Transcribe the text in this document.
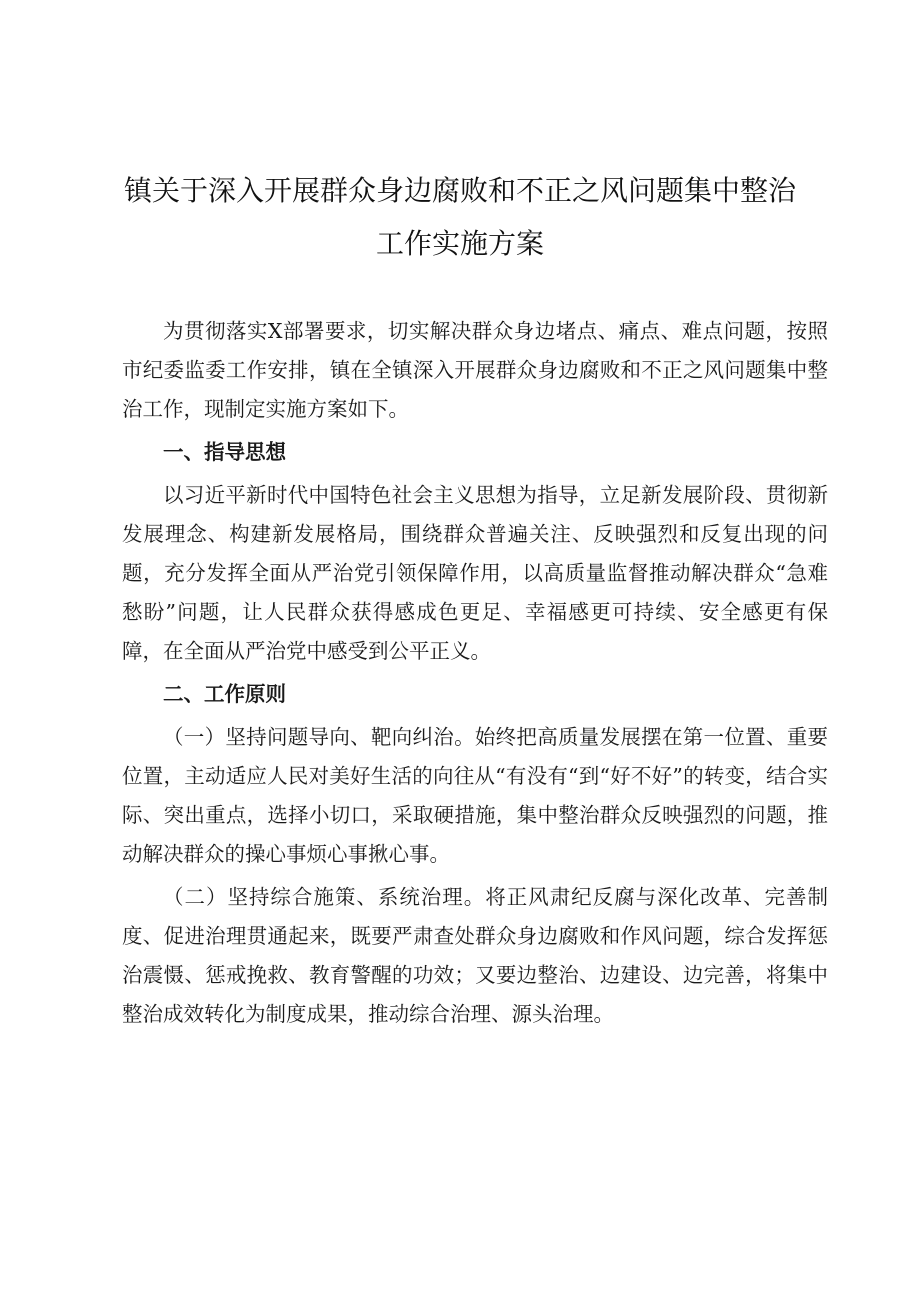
镇关于深入开展群众身边腐败和不正之风问题集中整治
工作实施方案

为贯彻落实X部署要求，切实解决群众身边堵点、痛点、难点问题，按照市纪委监委工作安排，镇在全镇深入开展群众身边腐败和不正之风问题集中整治工作，现制定实施方案如下。

一、指导思想

以习近平新时代中国特色社会主义思想为指导，立足新发展阶段、贯彻新发展理念、构建新发展格局，围绕群众普遍关注、反映强烈和反复出现的问题，充分发挥全面从严治党引领保障作用，以高质量监督推动解决群众“急难愁盼”问题，让人民群众获得感成色更足、幸福感更可持续、安全感更有保障，在全面从严治党中感受到公平正义。

二、工作原则

（一）坚持问题导向、靶向纠治。始终把高质量发展摆在第一位置、重要位置，主动适应人民对美好生活的向往从“有没有“到“好不好”的转变，结合实际、突出重点，选择小切口，采取硬措施，集中整治群众反映强烈的问题，推动解决群众的操心事烦心事揪心事。

（二）坚持综合施策、系统治理。将正风肃纪反腐与深化改革、完善制度、促进治理贯通起来，既要严肃查处群众身边腐败和作风问题，综合发挥惩治震慑、惩戒挽救、教育警醒的功效；又要边整治、边建设、边完善，将集中整治成效转化为制度成果，推动综合治理、源头治理。
